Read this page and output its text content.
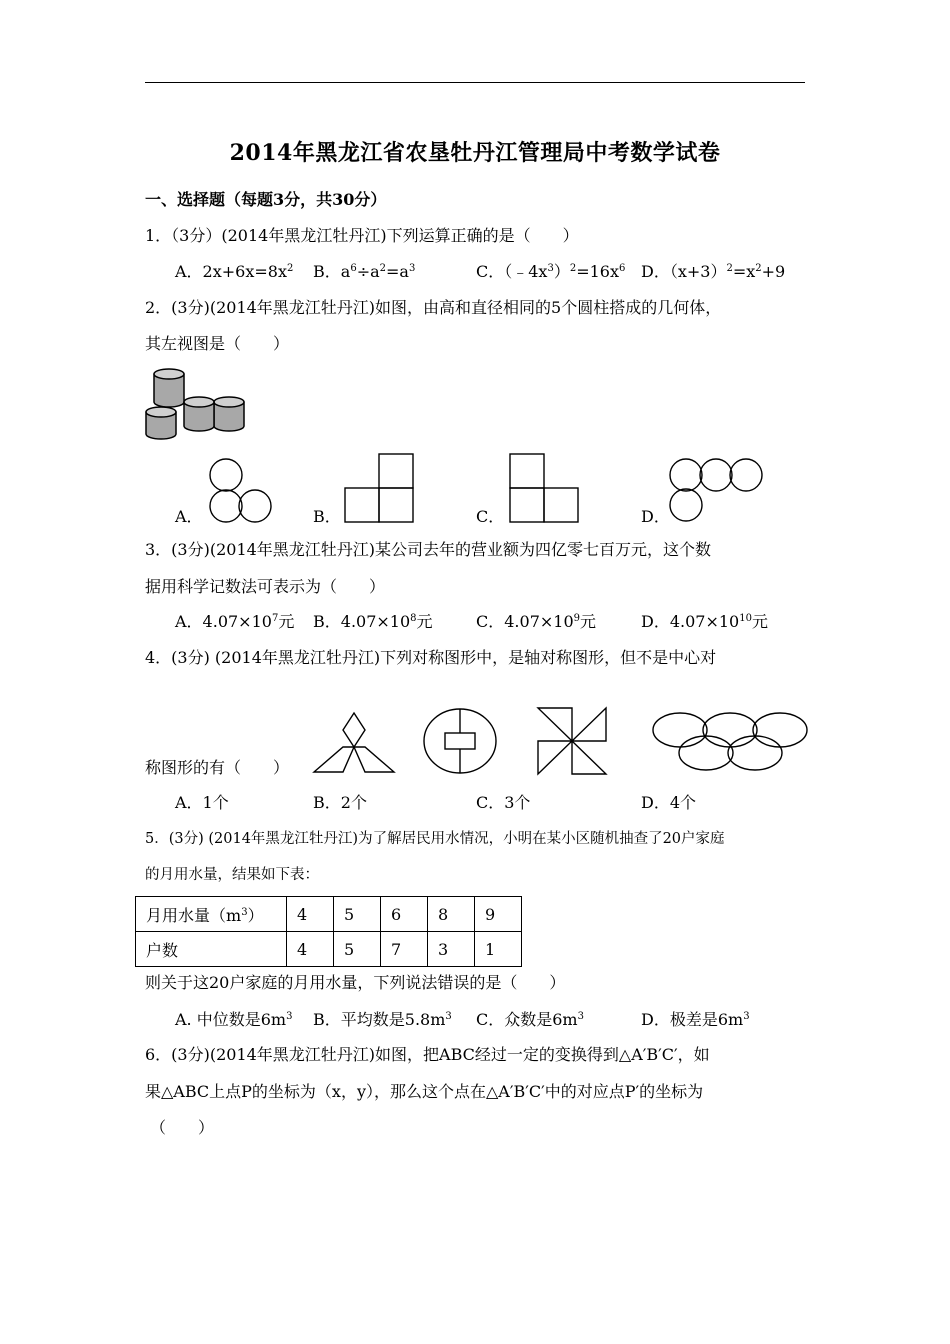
2014年黑龙江省农垦牡丹江管理局中考数学试卷
一、选择题（每题3分，共30分）
1．（3分）(2014年黑龙江牡丹江)下列运算正确的是（　　）
A．$2x+6x=8x^2$ B．$a^6\div a^2=a^3$	C．$(﹣4x^3)^2=16x^6$ D．$(x+3)^2=x^2+9$
2．(3分)(2014年黑龙江牡丹江)如图，由高和直径相同的5个圆柱搭成的几何体，
其左视图是（　　）
A．	B．	C．	D．
3．(3分)(2014年黑龙江牡丹江)某公司去年的营业额为四亿零七百万元，这个数
据用科学记数法可表示为（　　）
A．$4.07\times 10^7$元 B．$4.07\times 10^8$元	C．$4.07\times 10^9$元	D．$4.07\times 10^{10}$元
4．(3分) (2014年黑龙江牡丹江)下列对称图形中，是轴对称图形，但不是中心对
称图形的有（　　）
A．1个	B．2个	C．3个	D．4个
5．(3分) (2014年黑龙江牡丹江)为了解居民用水情况，小明在某小区随机抽查了20户家庭
的月用水量，结果如下表：
月用水量$(m^3)$	4	5	6	8	9
户数	4	5	7	3	1
则关于这20户家庭的月用水量，下列说法错误的是（　　）
A. 中位数是$6m^3$ B．平均数是$5.8m^3$ C．众数是$6m^3$	D．极差是$6m^3$
6．(3分)(2014年黑龙江牡丹江)如图，把ABC经过一定的变换得到△A′B′C′，如
果△ABC上点P的坐标为（x，y），那么这个点在△A′B′C′中的对应点P′的坐标为
（　　）
